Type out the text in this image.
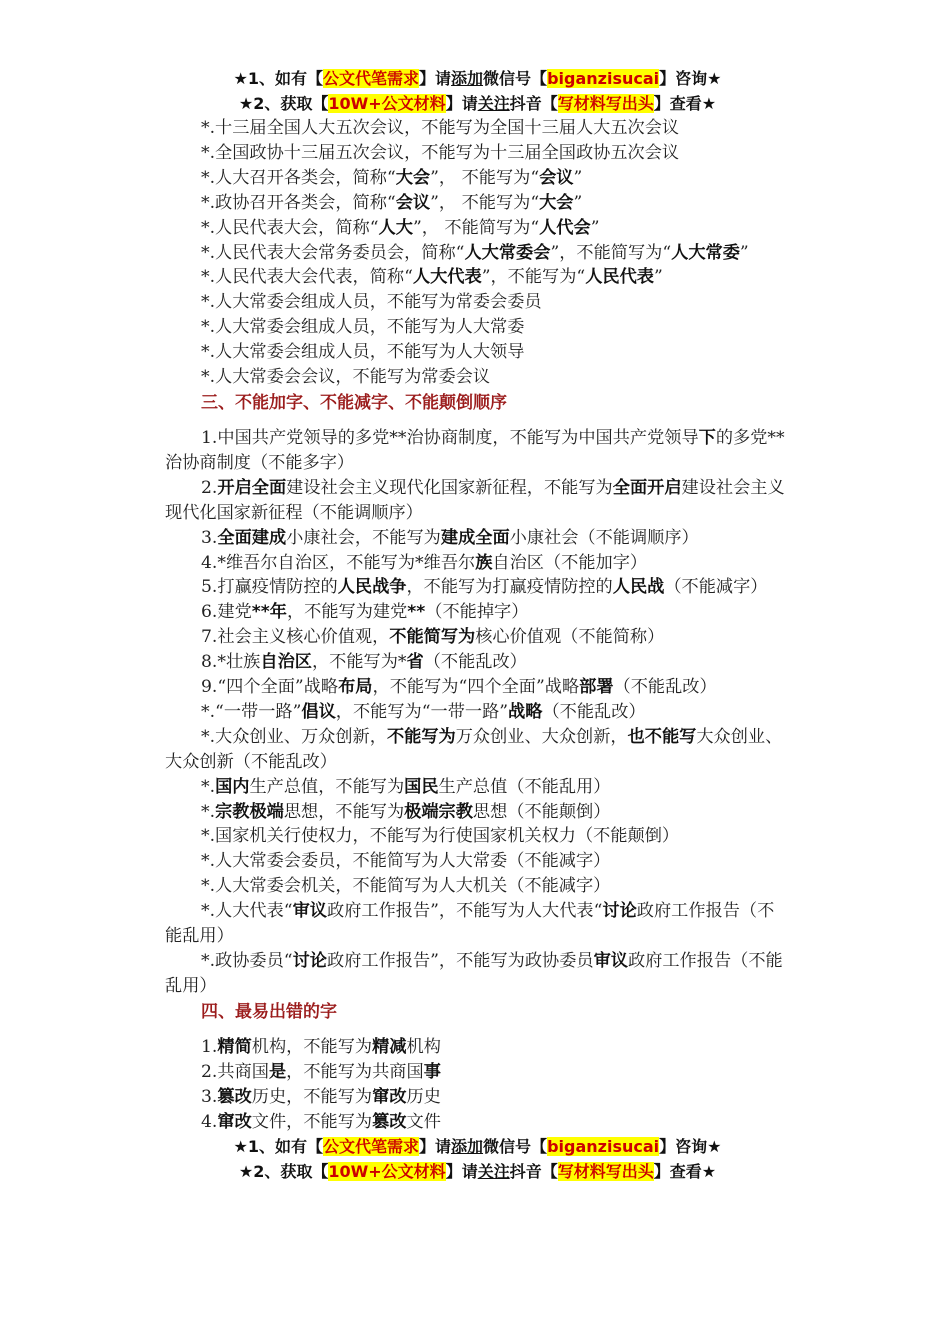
★1、如有【公文代笔需求】请添加微信号【biganzisucai】咨询★
★2、获取【10W+公文材料】请关注抖音【写材料写出头】查看★

*.十三届全国人大五次会议，不能写为全国十三届人大五次会议

*.全国政协十三届五次会议，不能写为十三届全国政协五次会议

*.人大召开各类会，简称“大会”， 不能写为“会议”

*.政协召开各类会，简称“会议”， 不能写为“大会”

*.人民代表大会，简称“人大”， 不能简写为“人代会”

*.人民代表大会常务委员会，简称“人大常委会”，不能简写为“人大常委”

*.人民代表大会代表，简称“人大代表”，不能写为“人民代表”

*.人大常委会组成人员，不能写为常委会委员

*.人大常委会组成人员，不能写为人大常委

*.人大常委会组成人员，不能写为人大领导

*.人大常委会会议，不能写为常委会议

三、不能加字、不能减字、不能颠倒顺序

1.中国共产党领导的多党**治协商制度，不能写为中国共产党领导下的多党**治协商制度（不能多字）

2.开启全面建设社会主义现代化国家新征程，不能写为全面开启建设社会主义现代化国家新征程（不能调顺序）

3.全面建成小康社会，不能写为建成全面小康社会（不能调顺序）

4.*维吾尔自治区，不能写为*维吾尔族自治区（不能加字）

5.打赢疫情防控的人民战争，不能写为打赢疫情防控的人民战（不能减字）

6.建党**年，不能写为建党**（不能掉字）

7.社会主义核心价值观，不能简写为核心价值观（不能简称）

8.*壮族自治区，不能写为*省（不能乱改）

9.“四个全面”战略布局，不能写为“四个全面”战略部署（不能乱改）

*.“一带一路”倡议，不能写为“一带一路”战略（不能乱改）

*.大众创业、万众创新，不能写为万众创业、大众创新，也不能写大众创业、大众创新（不能乱改）

*.国内生产总值，不能写为国民生产总值（不能乱用）

*.宗教极端思想，不能写为极端宗教思想（不能颠倒）

*.国家机关行使权力，不能写为行使国家机关权力（不能颠倒）

*.人大常委会委员，不能简写为人大常委（不能减字）

*.人大常委会机关，不能简写为人大机关（不能减字）

*.人大代表“审议政府工作报告”，不能写为人大代表“讨论政府工作报告（不能乱用）

*.政协委员“讨论政府工作报告”，不能写为政协委员审议政府工作报告（不能乱用）

四、最易出错的字

1.精简机构，不能写为精减机构

2.共商国是，不能写为共商国事

3.篡改历史，不能写为窜改历史

4.窜改文件，不能写为篡改文件

★1、如有【公文代笔需求】请添加微信号【biganzisucai】咨询★
★2、获取【10W+公文材料】请关注抖音【写材料写出头】查看★
